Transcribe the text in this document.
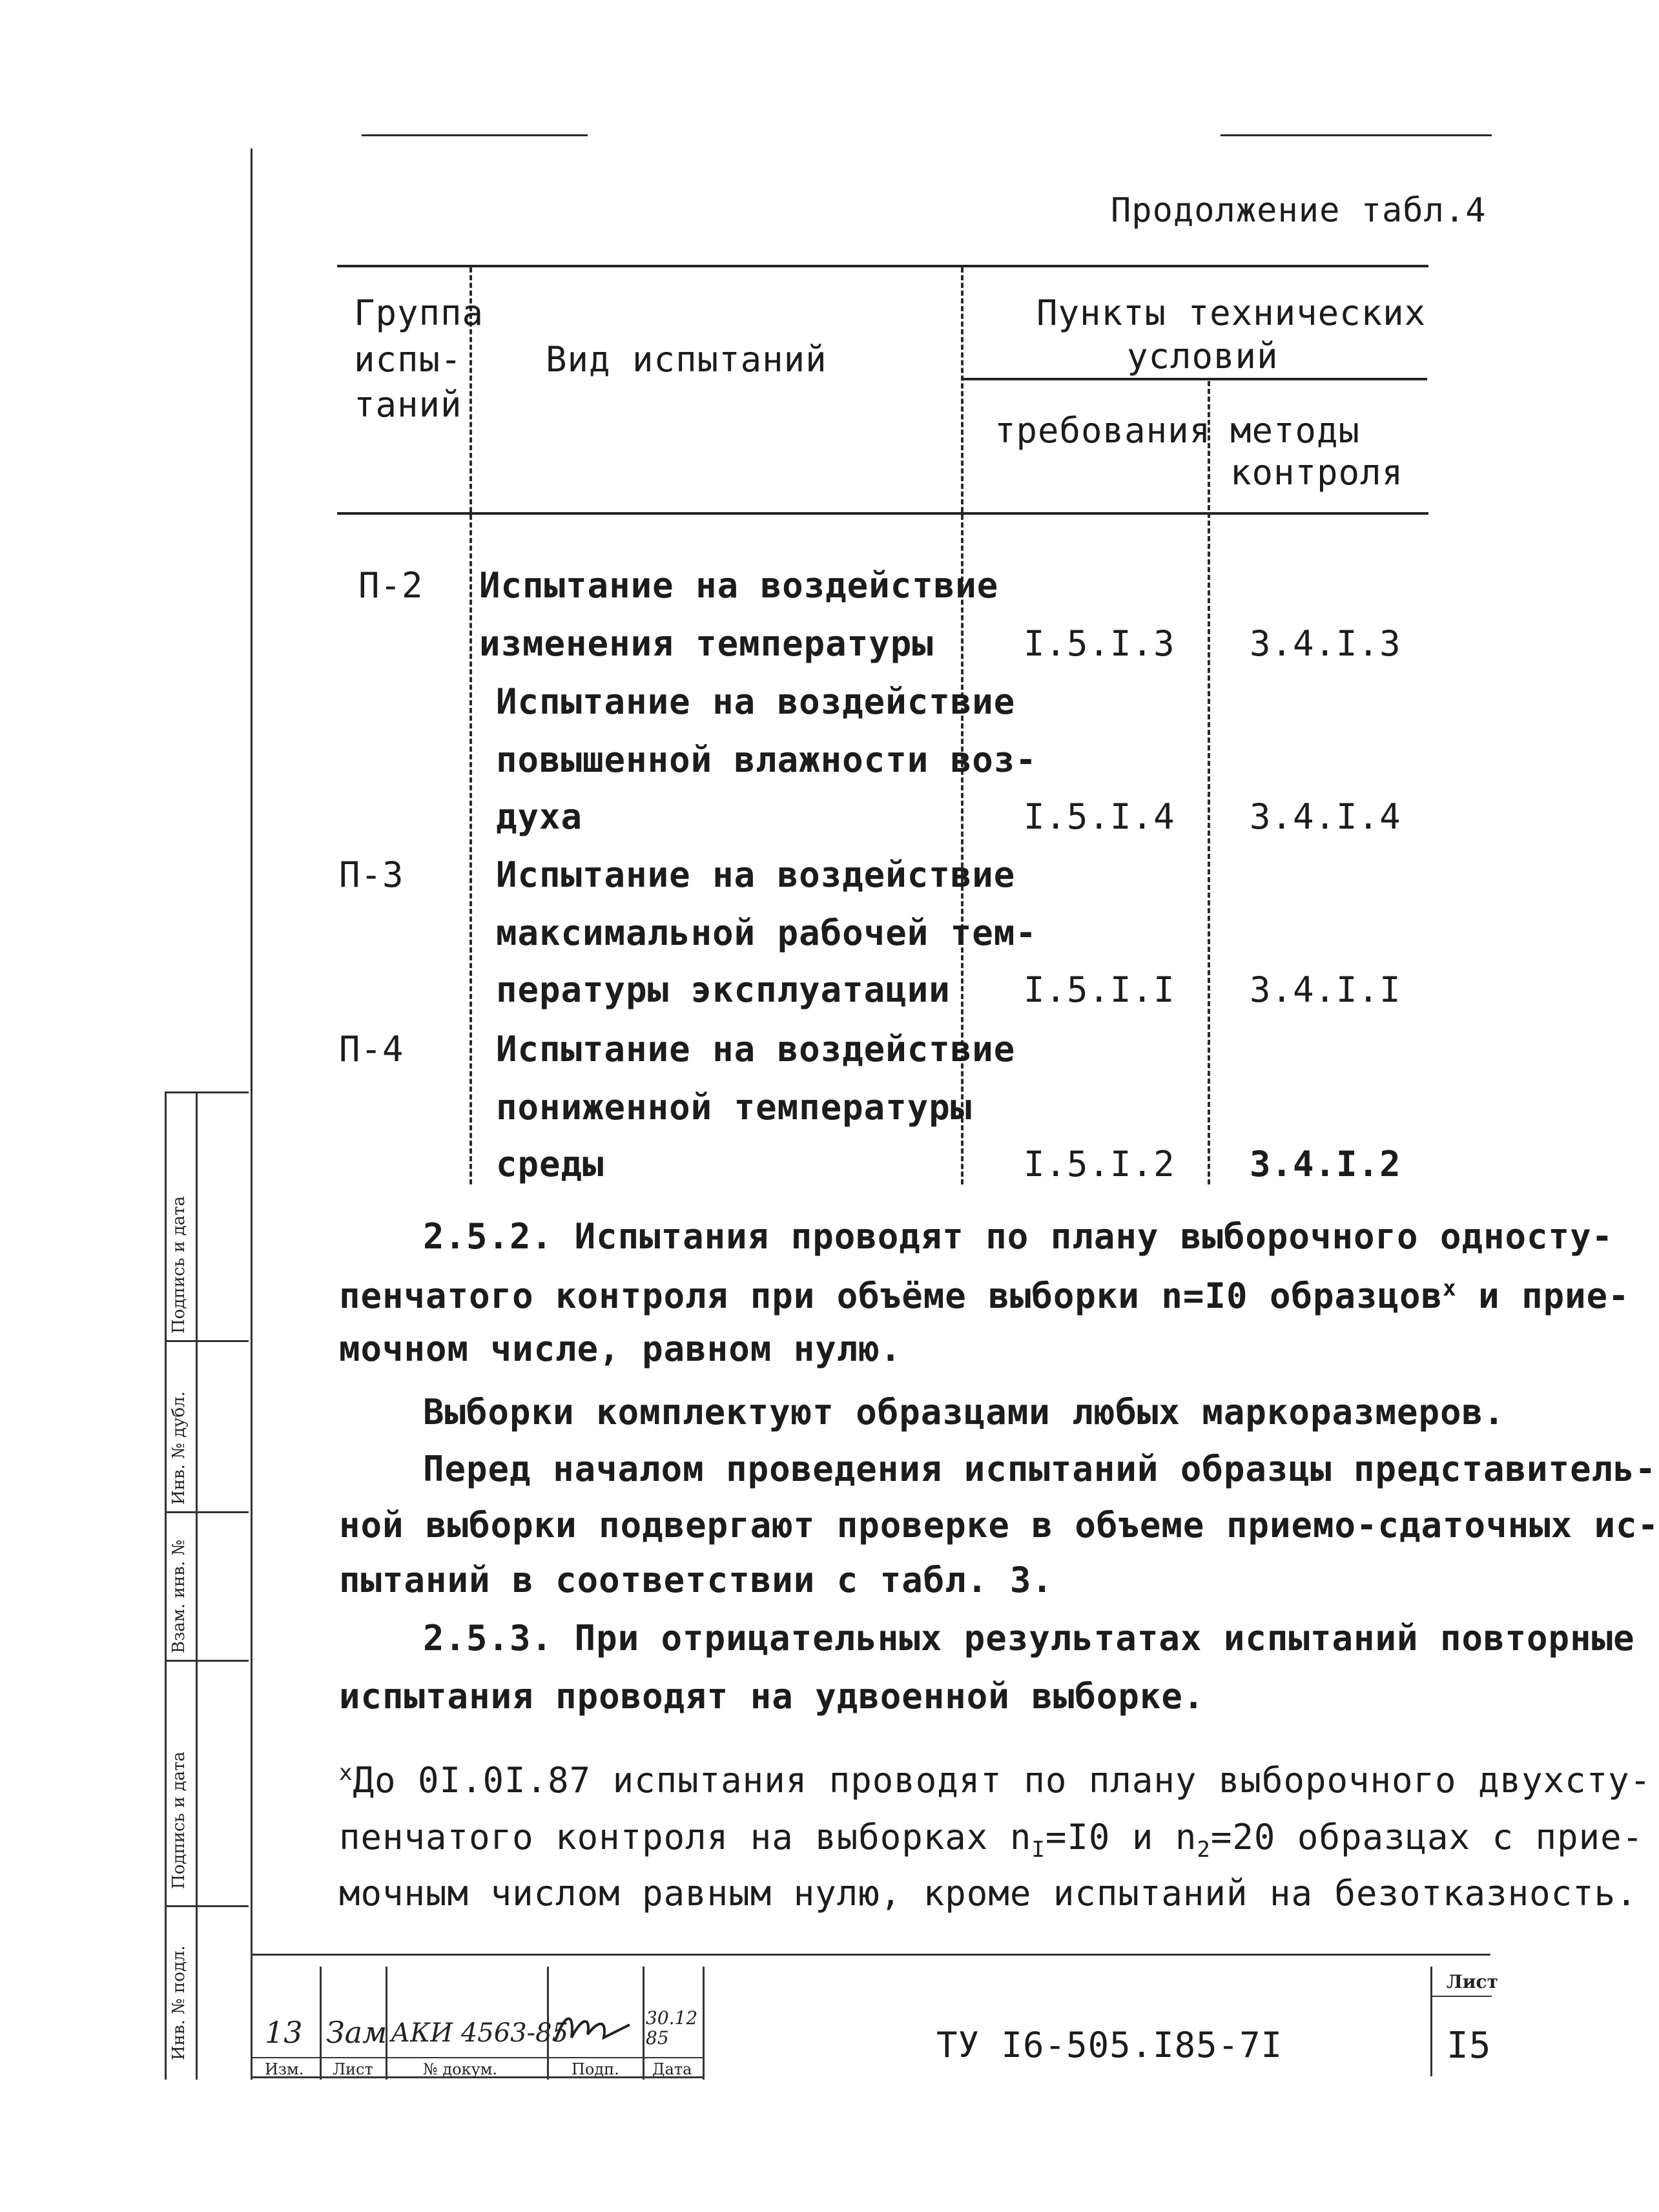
Продолжение табл.4
Группа
испы-
таний
Вид испытаний
Пункты технических
условий
требования методы
контроля
П-2 Испытание на воздействие
изменения температуры	I.5.I.3 3.4.I.3
Испытание на воздействие
повышенной влажности воз-
духа	I.5.I.4 3.4.I.4
П-3	Испытание на воздействие
максимальной рабочей тем-
пературы эксплуатации I.5.I.I 3.4.I.I
П-4	Испытание на воздействие
пониженной температуры
среды	I.5.I.2 3.4.I.2
2.5.2. Испытания проводят по плану выборочного односту-
пенчатого контроля при объёме выборки n=I0 образцов$^x$ и прие-
мочном числе, равном нулю.
Выборки комплектуют образцами любых маркоразмеров.
Перед началом проведения испытаний образцы представитель-
ной выборки подвергают проверке в объеме приемо-сдаточных ис-
пытаний в соответствии с табл. 3.
2.5.3. При отрицательных результатах испытаний повторные
испытания проводят на удвоенной выборке.
$^x$До 0I.0I.87 испытания проводят по плану выборочного двухсту-
пенчатого контроля на выборках $n_I=I0$ и $n_2=20$ образцах с прие-
мочным числом равным нулю, кроме испытаний на безотказность.
Инв. № подл.
Подпись и дата
Взам. инв. №
Инв. № дубл.
Подпись и дата
13 Зам АКИ 4563-85
30.12 85
Изм. Лист	№ докум.	Подп. Дата
ТУ I6-505.I85-7I
Лист
I5
